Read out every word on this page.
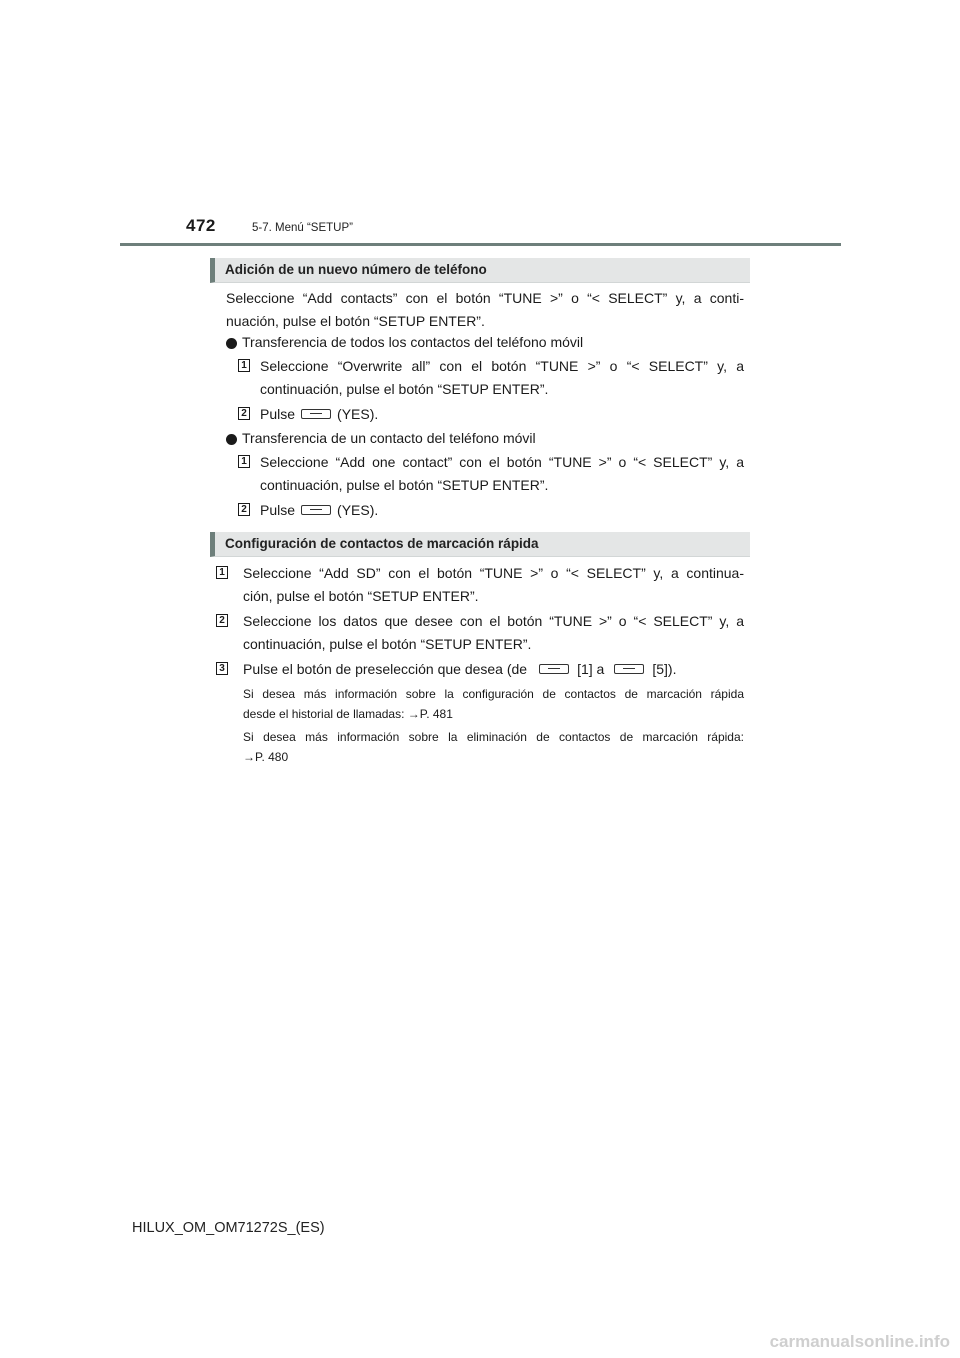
472	5-7. Menú “SETUP”
Adición de un nuevo número de teléfono
Seleccione “Add contacts” con el botón “TUNE >” o “< SELECT” y, a conti-
nuación, pulse el botón “SETUP ENTER”.
Transferencia de todos los contactos del teléfono móvil
1 Seleccione “Overwrite all” con el botón “TUNE >” o “< SELECT” y, a
continuación, pulse el botón “SETUP ENTER”.
2 Pulse	(YES).
Transferencia de un contacto del teléfono móvil
1 Seleccione “Add one contact” con el botón “TUNE >” o “< SELECT” y, a
continuación, pulse el botón “SETUP ENTER”.
2 Pulse	(YES).
Configuración de contactos de marcación rápida
1 Seleccione “Add SD” con el botón “TUNE >” o “< SELECT” y, a continua-
ción, pulse el botón “SETUP ENTER”.
2 Seleccione los datos que desee con el botón “TUNE >” o “< SELECT” y, a
continuación, pulse el botón “SETUP ENTER”.
3 Pulse el botón de preselección que desea (de	[1] a	[5]).
Si desea más información sobre la configuración de contactos de marcación rápida
desde el historial de llamadas: →P. 481
Si desea más información sobre la eliminación de contactos de marcación rápida:
→P. 480
HILUX_OM_OM71272S_(ES)
carmanualsonline.info
